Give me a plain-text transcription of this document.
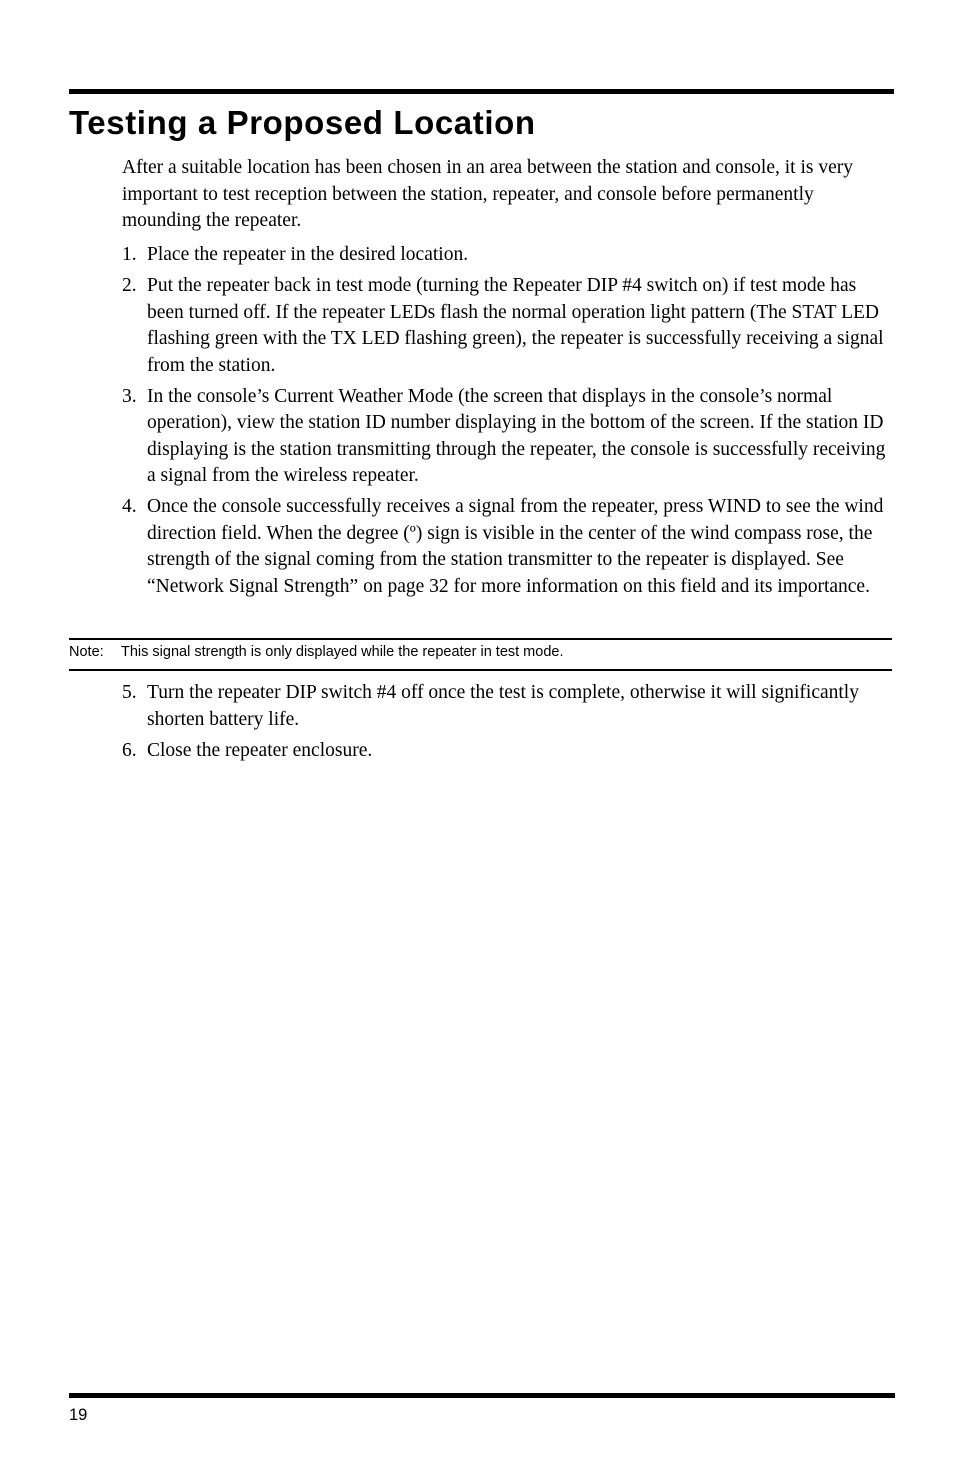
Testing a Proposed Location

After a suitable location has been chosen in an area between the station and console, it is very important to test reception between the station, repeater, and console before permanently mounding the repeater.

1. Place the repeater in the desired location.
2. Put the repeater back in test mode (turning the Repeater DIP #4 switch on) if test mode has been turned off. If the repeater LEDs flash the normal operation light pattern (The STAT LED flashing green with the TX LED flashing green), the repeater is successfully receiving a signal from the station.
3. In the console’s Current Weather Mode (the screen that displays in the console’s normal operation), view the station ID number displaying in the bottom of the screen. If the station ID displaying is the station transmitting through the repeater, the console is successfully receiving a signal from the wireless repeater.
4. Once the console successfully receives a signal from the repeater, press WIND to see the wind direction field. When the degree (º) sign is visible in the center of the wind compass rose, the strength of the signal coming from the station transmitter to the repeater is displayed. See “Network Signal Strength” on page 32 for more information on this field and its importance.
Note: This signal strength is only displayed while the repeater in test mode.
5. Turn the repeater DIP switch #4 off once the test is complete, otherwise it will significantly shorten battery life.
6. Close the repeater enclosure.
19
